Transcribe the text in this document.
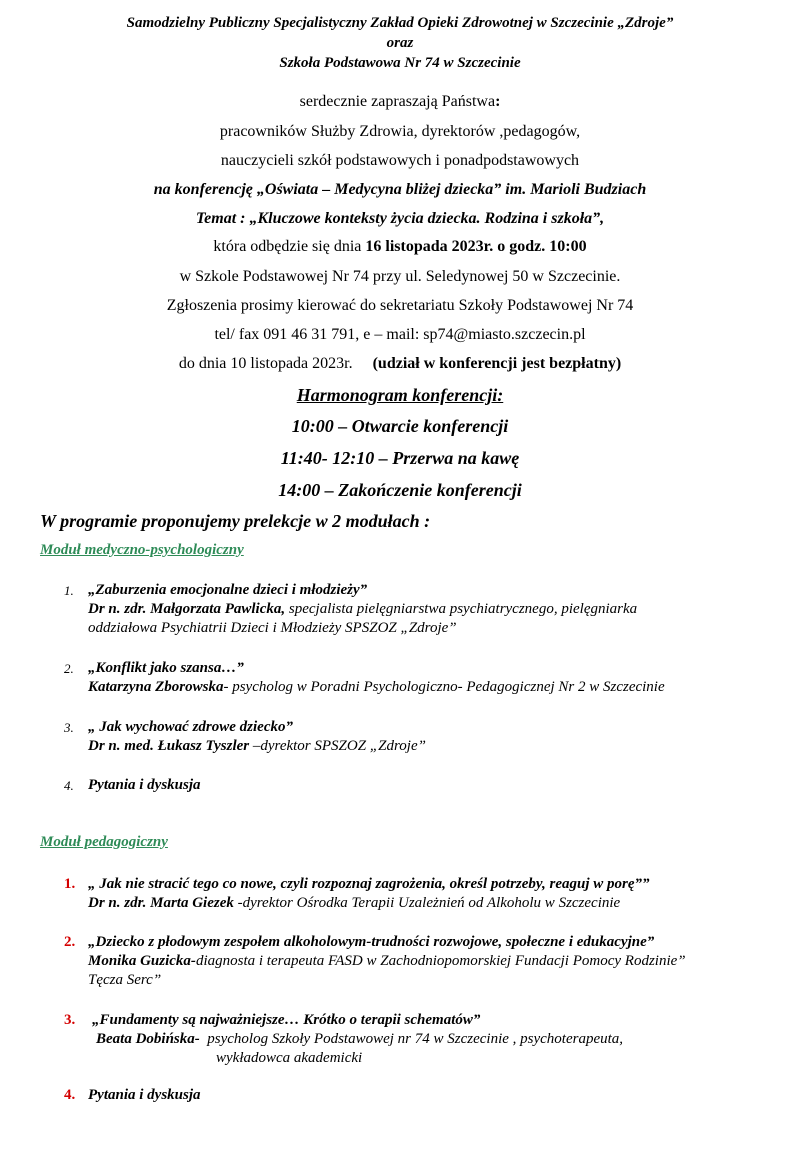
Samodzielny Publiczny Specjalistyczny Zakład Opieki Zdrowotnej w Szczecinie „Zdroje”
oraz
Szkoła Podstawowa Nr 74 w Szczecinie
serdecznie zapraszają Państwa:
pracowników Służby Zdrowia, dyrektorów ,pedagogów,
nauczycieli szkół podstawowych i ponadpodstawowych
na konferencję „Oświata – Medycyna bliżej dziecka” im. Marioli Budziach
Temat : „Kluczowe konteksty życia dziecka. Rodzina i szkoła”,
która odbędzie się dnia 16 listopada 2023r. o godz. 10:00
w Szkole Podstawowej Nr 74 przy ul. Seledynowej 50 w Szczecinie.
Zgłoszenia prosimy kierować do sekretariatu Szkoły Podstawowej Nr 74
tel/ fax 091 46 31 791, e – mail: sp74@miasto.szczecin.pl
do dnia 10 listopada 2023r.     (udział w konferencji jest bezpłatny)
Harmonogram konferencji:
10:00 – Otwarcie konferencji
11:40- 12:10 – Przerwa na kawę
14:00 – Zakończenie konferencji
W programie proponujemy prelekcje w 2 modułach :
Moduł medyczno-psychologiczny
1. „Zaburzenia emocjonalne dzieci i młodzieży”
Dr n. zdr. Małgorzata Pawlicka, specjalista pielęgniarstwa psychiatrycznego, pielęgniarka
oddziałowa Psychiatrii Dzieci i Młodzieży SPSZOZ „Zdroje”
2. „Konflikt jako szansa…”
Katarzyna Zborowska- psycholog w Poradni Psychologiczno- Pedagogicznej Nr 2 w Szczecinie
3. „ Jak wychować zdrowe dziecko”
Dr n. med. Łukasz Tyszler –dyrektor SPSZOZ „Zdroje”
4. Pytania i dyskusja
Moduł pedagogiczny
1. „ Jak nie stracić tego co nowe, czyli rozpoznaj zagrożenia, określ potrzeby, reaguj w porę””
Dr n. zdr. Marta Giezek -dyrektor Ośrodka Terapii Uzależnień od Alkoholu w Szczecinie
2. „Dziecko z płodowym zespołem alkoholowym-trudności rozwojowe, społeczne i edukacyjne”
Monika Guzicka-diagnosta i terapeuta FASD w Zachodniopomorskiej Fundacji Pomocy Rodzinie”
Tęcza Serc”
3.	„Fundamenty są najważniejsze… Krótko o terapii schematów”
Beata Dobińska-  psycholog Szkoły Podstawowej nr 74 w Szczecinie , psychoterapeuta,
wykładowca akademicki
4. Pytania i dyskusja
